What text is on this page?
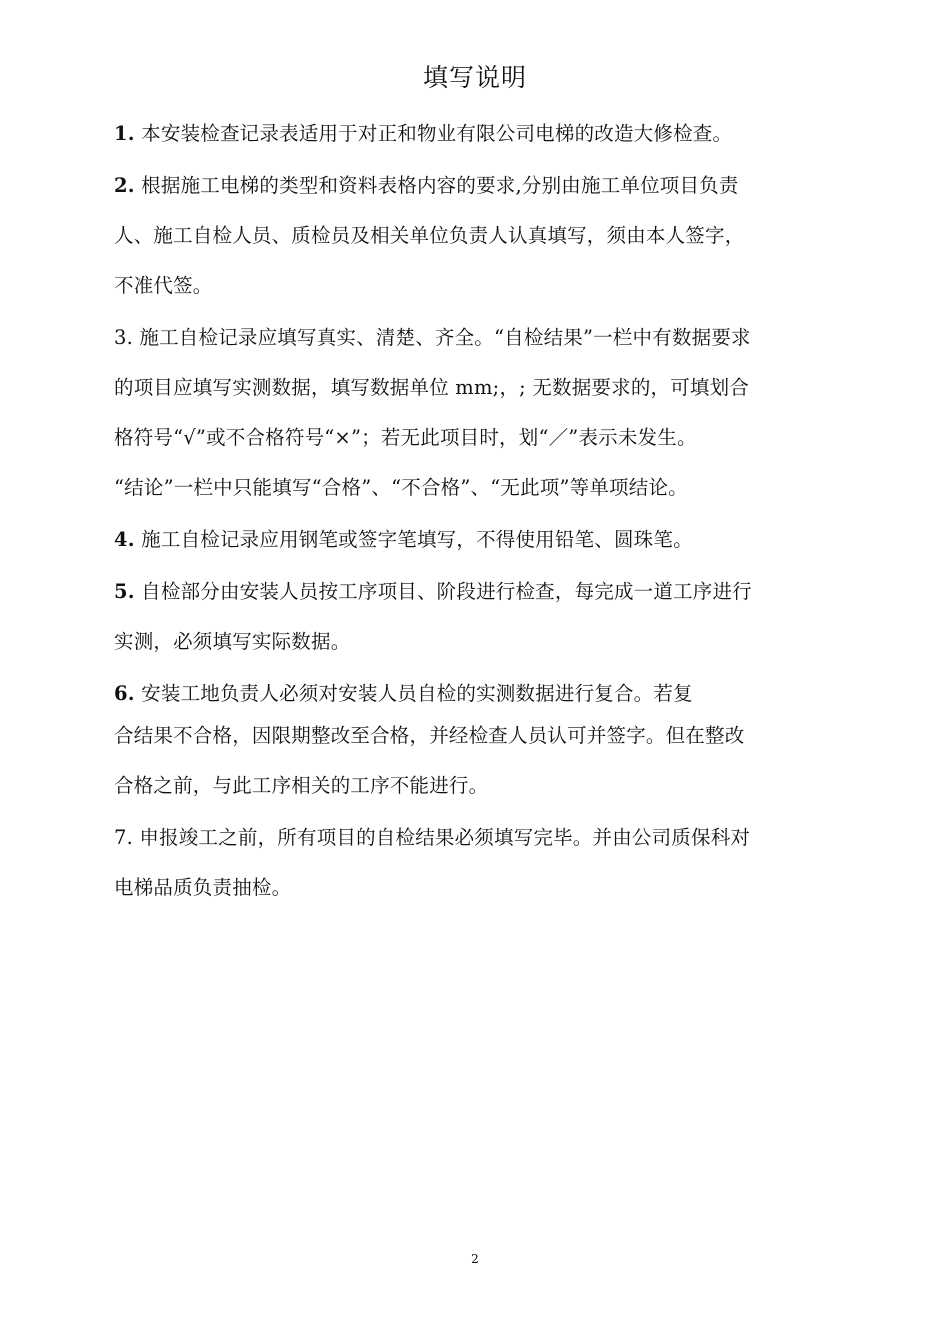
填写说明
1. 本安装检查记录表适用于对正和物业有限公司电梯的改造大修检查。
2. 根据施工电梯的类型和资料表格内容的要求,分别由施工单位项目负责
人、施工自检人员、质检员及相关单位负责人认真填写，须由本人签字，
不准代签。
3. 施工自检记录应填写真实、清楚、齐全。“自检结果”一栏中有数据要求
的项目应填写实测数据，填写数据单位 mm;，; 无数据要求的，可填划合
格符号“√”或不合格符号“×”；若无此项目时，划“／”表示未发生。
“结论”一栏中只能填写“合格”、“不合格”、“无此项”等单项结论。
4. 施工自检记录应用钢笔或签字笔填写，不得使用铅笔、圆珠笔。
5. 自检部分由安装人员按工序项目、阶段进行检查，每完成一道工序进行
实测，必须填写实际数据。
6. 安装工地负责人必须对安装人员自检的实测数据进行复合。若复
合结果不合格，因限期整改至合格，并经检查人员认可并签字。但在整改
合格之前，与此工序相关的工序不能进行。
7. 申报竣工之前，所有项目的自检结果必须填写完毕。并由公司质保科对
电梯品质负责抽检。
2
